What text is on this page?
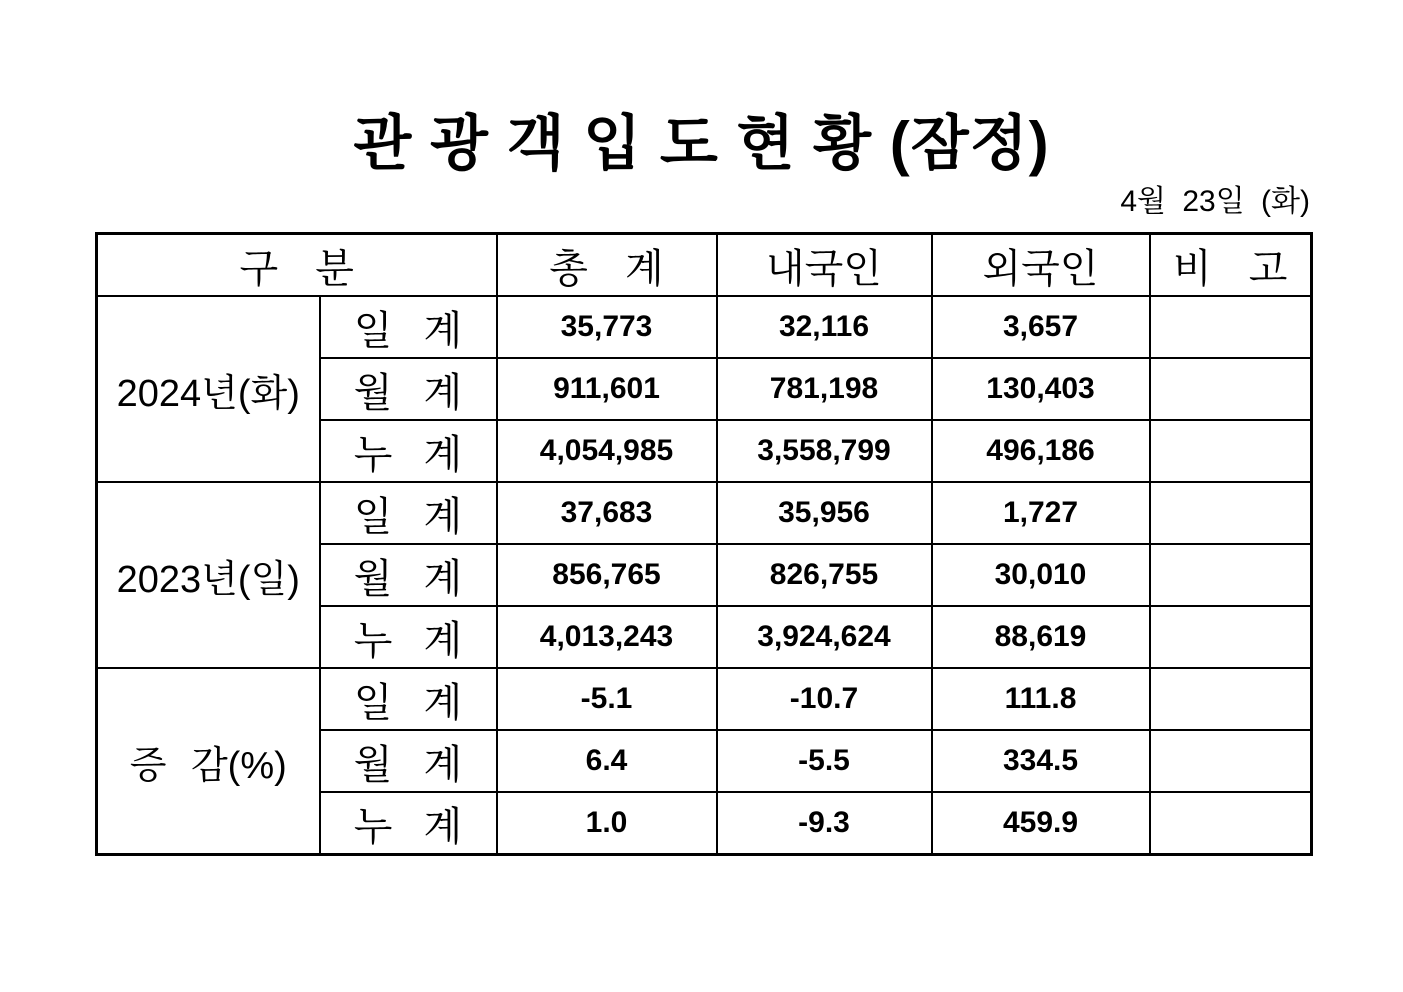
관 광 객 입 도 현 황 (잠정)
4월 23일 (화)
구 분		총 계	내국인	외국인	비 고
2024년(화)	일 계	35,773	32,116	3,657	
	월 계	911,601	781,198	130,403	
	누 계	4,054,985	3,558,799	496,186	
2023년(일)	일 계	37,683	35,956	1,727	
	월 계	856,765	826,755	30,010	
	누 계	4,013,243	3,924,624	88,619	
증 감(%)	일 계	-5.1	-10.7	111.8	
	월 계	6.4	-5.5	334.5	
	누 계	1.0	-9.3	459.9	
